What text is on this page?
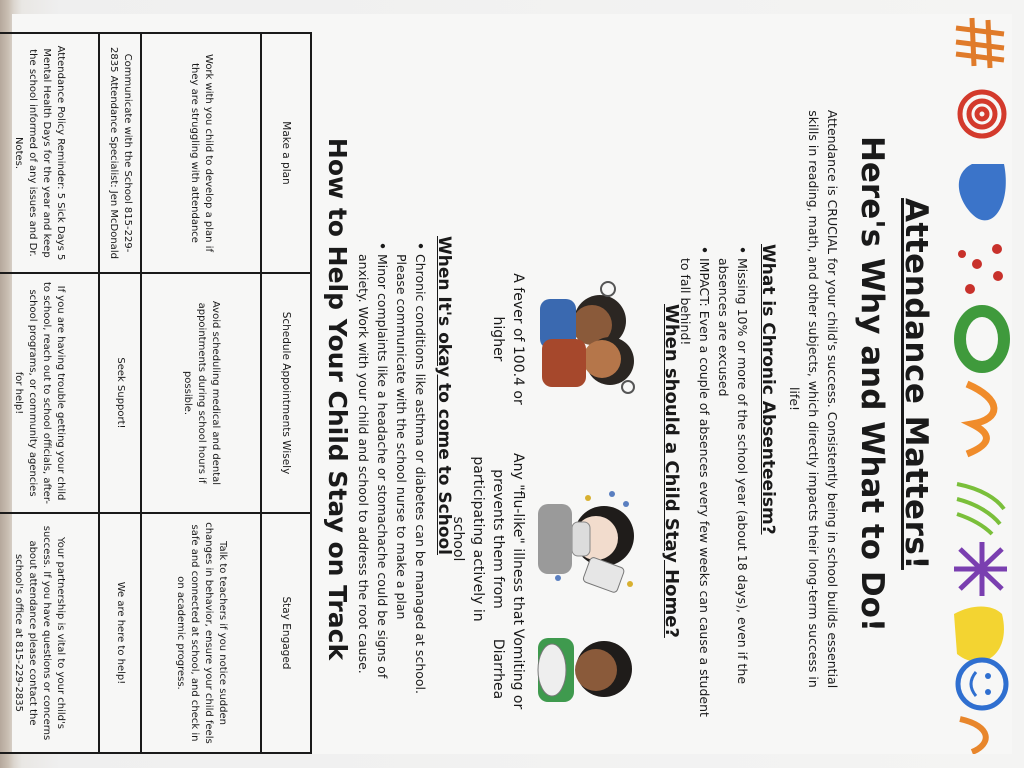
Attendance Matters!
Here's Why and What to Do!
Attendance is CRUCIAL for your child's success. Consistently being in school builds essential skills in reading, math, and other subjects, which directly impacts their long-term success in life!
What is Chronic Absenteeism?
• Missing 10% or more of the school year (about 18 days), even if the absences are excused
• IMPACT: Even a couple of absences every few weeks can cause a student to fall behind!
When should a Child Stay Home?
A fever of 100.4 or higher
Any "flu-like" illness that prevents them from participating actively in school
Vomiting or Diarrhea
When It's okay to come to School
• Chronic conditions like asthma or diabetes can be managed at school. Please communicate with the school nurse to make a plan
• Minor complaints like a headache or stomachache could be signs of anxiety. Work with your child and school to address the root cause.
How to Help Your Child Stay on Track
Make a plan	Schedule Appointments Wisely	Stay Engaged
Work with you child to develop a plan if they are struggling with attendance	Avoid scheduling medical and dental appointments during school hours if possible.	Talk to teachers if you notice sudden changes in behavior, ensure your child feels safe and connected at school, and check in on academic progress.
Communicate with the School 815-229-2835 Attendance Specialist: Jen McDonald	Seek Support!	We are here to help!
Attendance Policy Reminder: 5 Sick Days 5 Mental Health Days for the year and keep the school informed of any issues and Dr. Notes.	If you are having trouble getting your child to school, reach out to school officials, after-school programs, or community agencies for help!	Your partnership is vital to your child's success. If you have questions or concerns about attendance please contact the school's office at 815-229-2835
